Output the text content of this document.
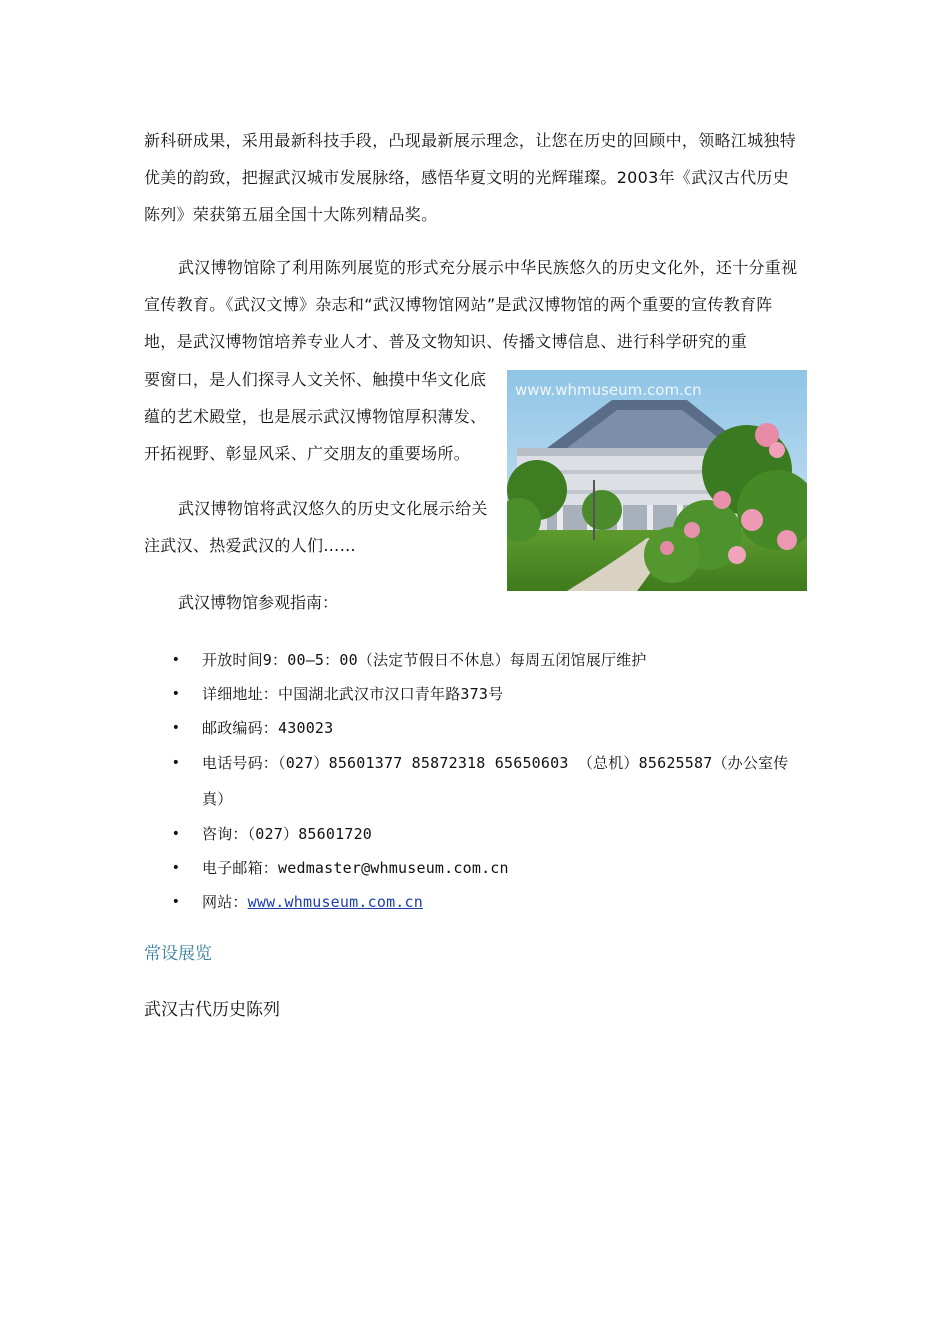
新科研成果，采用最新科技手段，凸现最新展示理念，让您在历史的回顾中，领略江城独特优美的韵致，把握武汉城市发展脉络，感悟华夏文明的光辉璀璨。2003年《武汉古代历史陈列》荣获第五届全国十大陈列精品奖。

武汉博物馆除了利用陈列展览的形式充分展示中华民族悠久的历史文化外，还十分重视宣传教育。《武汉文博》杂志和“武汉博物馆网站”是武汉博物馆的两个重要的宣传教育阵地，是武汉博物馆培养专业人才、普及文物知识、传播文博信息、进行科学研究的重

要窗口，是人们探寻人文关怀、触摸中华文化底蕴的艺术殿堂，也是展示武汉博物馆厚积薄发、开拓视野、彰显风采、广交朋友的重要场所。

武汉博物馆将武汉悠久的历史文化展示给关注武汉、热爱武汉的人们……

www.whmuseum.com.cn
武汉博物馆参观指南：
• 开放时间9：00—5：00（法定节假日不休息）每周五闭馆展厅维护
• 详细地址：中国湖北武汉市汉口青年路373号
• 邮政编码：430023
• 电话号码：（027）85601377 85872318 65650603 （总机）85625587（办公室传真）
• 咨询：（027）85601720
• 电子邮箱：wedmaster@whmuseum.com.cn
• 网站：www.whmuseum.com.cn
常设展览
武汉古代历史陈列
